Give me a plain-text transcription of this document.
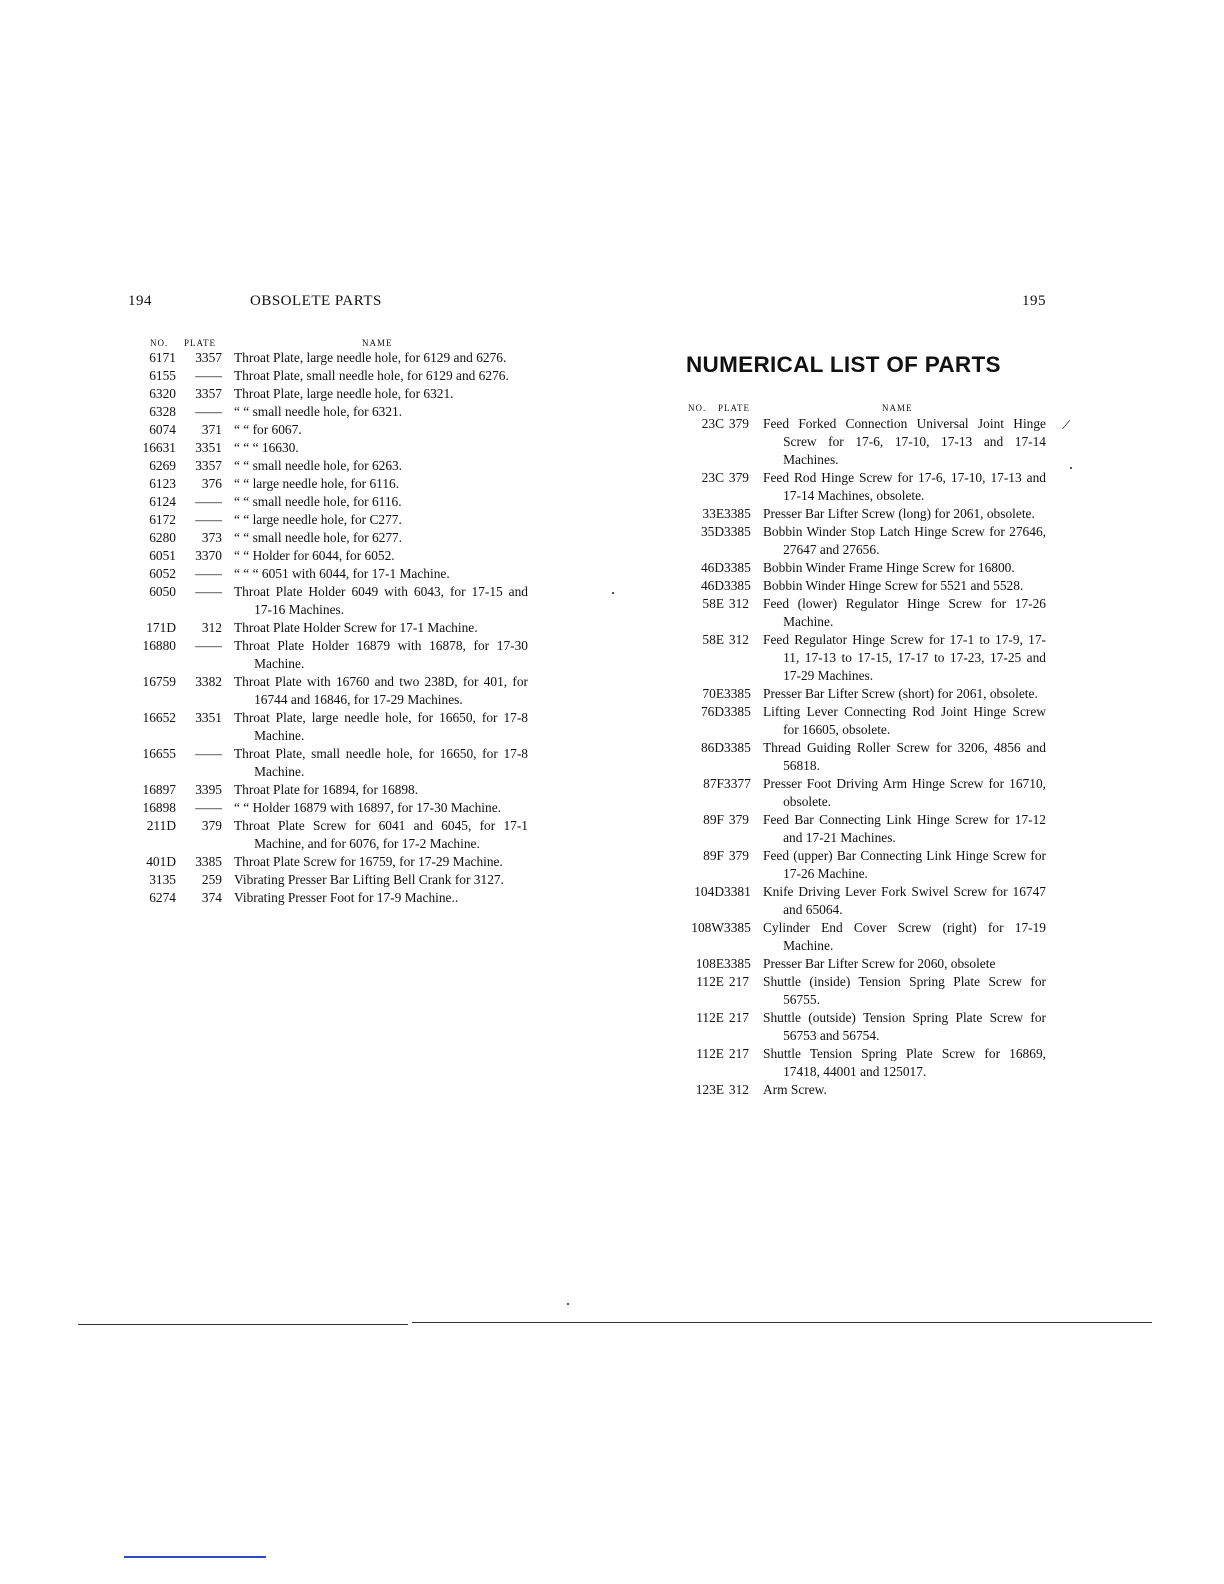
194	OBSOLETE PARTS
NO. PLATE	NAME
6171	3357 Throat Plate, large needle hole, for 6129 and 6276.
6155	—— Throat Plate, small needle hole, for 6129 and 6276.
6320	3357 Throat Plate, large needle hole, for 6321.
6328	—— “ “ small needle hole, for 6321.
6074	371 “ “ for 6067.
16631	3351 “ “ “ 16630.
6269	3357 “ “ small needle hole, for 6263.
6123	376 “ “ large needle hole, for 6116.
6124	—— “ “ small needle hole, for 6116.
6172	—— “ “ large needle hole, for C277.
6280	373 “ “ small needle hole, for 6277.
6051	3370 “ “ Holder for 6044, for 6052.
6052	—— “ “ “ 6051 with 6044, for 17-1 Machine.
6050	—— Throat Plate Holder 6049 with 6043, for 17-15 and 17-16 Machines.
171D	312 Throat Plate Holder Screw for 17-1 Machine.
16880	—— Throat Plate Holder 16879 with 16878, for 17-30 Machine.
16759	3382 Throat Plate with 16760 and two 238D, for 401, for 16744 and 16846, for 17-29 Machines.
16652	3351 Throat Plate, large needle hole, for 16650, for 17-8 Machine.
16655	—— Throat Plate, small needle hole, for 16650, for 17-8 Machine.
16897	3395 Throat Plate for 16894, for 16898.
16898	—— “ “ Holder 16879 with 16897, for 17-30 Machine.
211D	379 Throat Plate Screw for 6041 and 6045, for 17-1 Machine, and for 6076, for 17-2 Machine.
401D	3385 Throat Plate Screw for 16759, for 17-29 Machine.
3135	259 Vibrating Presser Bar Lifting Bell Crank for 3127.
6274	374 Vibrating Presser Foot for 17-9 Machine..
195
NUMERICAL LIST OF PARTS
NO. PLATE	NAME
23C 379 Feed Forked Connection Universal Joint Hinge Screw for 17-6, 17-10, 17-13 and 17-14 Machines.
23C 379 Feed Rod Hinge Screw for 17-6, 17-10, 17-13 and 17-14 Machines, obsolete.
33E 3385 Presser Bar Lifter Screw (long) for 2061, obsolete.
35D 3385 Bobbin Winder Stop Latch Hinge Screw for 27646, 27647 and 27656.
46D 3385 Bobbin Winder Frame Hinge Screw for 16800.
46D 3385 Bobbin Winder Hinge Screw for 5521 and 5528.
58E 312 Feed (lower) Regulator Hinge Screw for 17-26 Machine.
58E 312 Feed Regulator Hinge Screw for 17-1 to 17-9, 17-11, 17-13 to 17-15, 17-17 to 17-23, 17-25 and 17-29 Machines.
70E 3385 Presser Bar Lifter Screw (short) for 2061, obsolete.
76D 3385 Lifting Lever Connecting Rod Joint Hinge Screw for 16605, obsolete.
86D 3385 Thread Guiding Roller Screw for 3206, 4856 and 56818.
87F 3377 Presser Foot Driving Arm Hinge Screw for 16710, obsolete.
89F 379 Feed Bar Connecting Link Hinge Screw for 17-12 and 17-21 Machines.
89F 379 Feed (upper) Bar Connecting Link Hinge Screw for 17-26 Machine.
104D 3381 Knife Driving Lever Fork Swivel Screw for 16747 and 65064.
108W 3385 Cylinder End Cover Screw (right) for 17-19 Machine.
108E 3385 Presser Bar Lifter Screw for 2060, obsolete
112E 217 Shuttle (inside) Tension Spring Plate Screw for 56755.
112E 217 Shuttle (outside) Tension Spring Plate Screw for 56753 and 56754.
112E 217 Shuttle Tension Spring Plate Screw for 16869, 17418, 44001 and 125017.
123E 312 Arm Screw.
⟋
